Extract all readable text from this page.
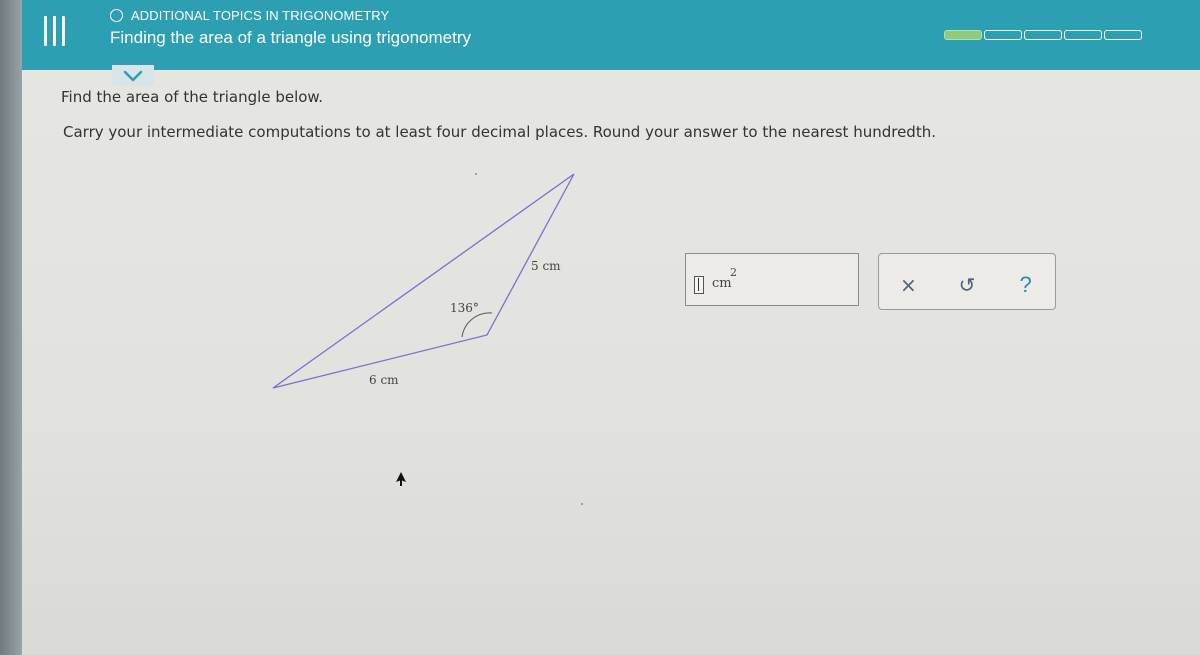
ADDITIONAL TOPICS IN TRIGONOMETRY
Finding the area of a triangle using trigonometry
Find the area of the triangle below.
Carry your intermediate computations to at least four decimal places. Round your answer to the nearest hundredth.
5 cm
6 cm
136°
cm
2	×	↺	?
